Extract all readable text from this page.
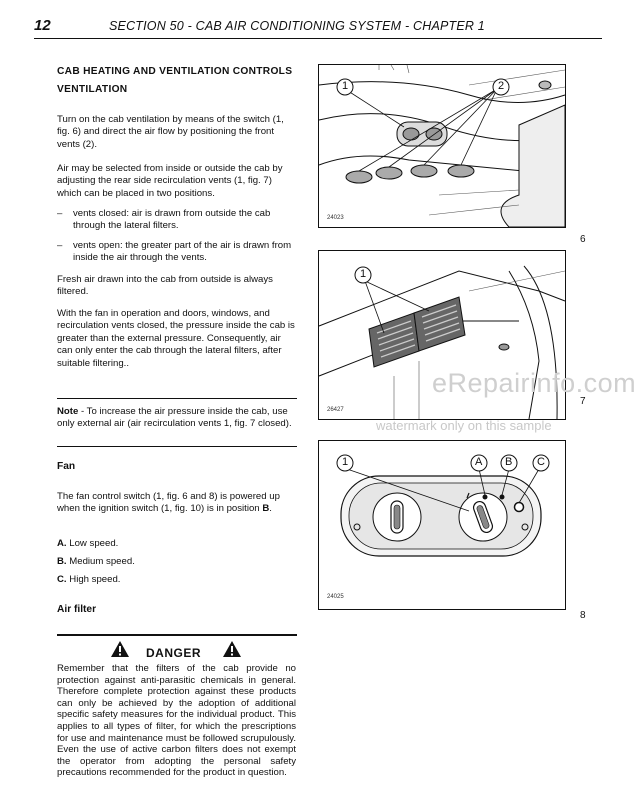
12	SECTION 50 - CAB AIR CONDITIONING SYSTEM - CHAPTER 1
CAB HEATING AND VENTILATION CONTROLS
VENTILATION
Turn on the cab ventilation by means of the switch (1, fig. 6) and direct the air flow by positioning the front vents (2).
Air may be selected from inside or outside the cab by adjusting the rear side recirculation vents (1, fig. 7) which can be placed in two positions.
– vents closed: air is drawn from outside the cab through the lateral filters.
– vents open: the greater part of the air is drawn from inside the air through the vents.
Fresh air drawn into the cab from outside is always filtered.
With the fan in operation and doors, windows, and recirculation vents closed, the pressure inside the cab is greater than the external pressure. Consequently, air can only enter the cab through the lateral filters, after suitable filtering..
Note - To increase the air pressure inside the cab, use only external air (air recirculation vents 1, fig. 7 closed).
Fan
The fan control switch (1, fig. 6 and 8) is powered up when the ignition switch (1, fig. 10) is in position B.
A. Low speed.
B. Medium speed.
C. High speed.
Air filter
DANGER
Remember that the filters of the cab provide no protection against anti-parasitic chemicals in general. Therefore complete protection against these products can only be achieved by the adoption of additional specific safety measures for the individual product. This applies to all types of filter, for which the prescriptions for use and maintenance must be followed scrupulously. Even the use of active carbon filters does not exempt the operator from adopting the personal safety precautions recommended for the product in question.
1	2
24023
6
1
26427
7
1	A B C
24025
8
eRepairinfo.com
watermark only on this sample
